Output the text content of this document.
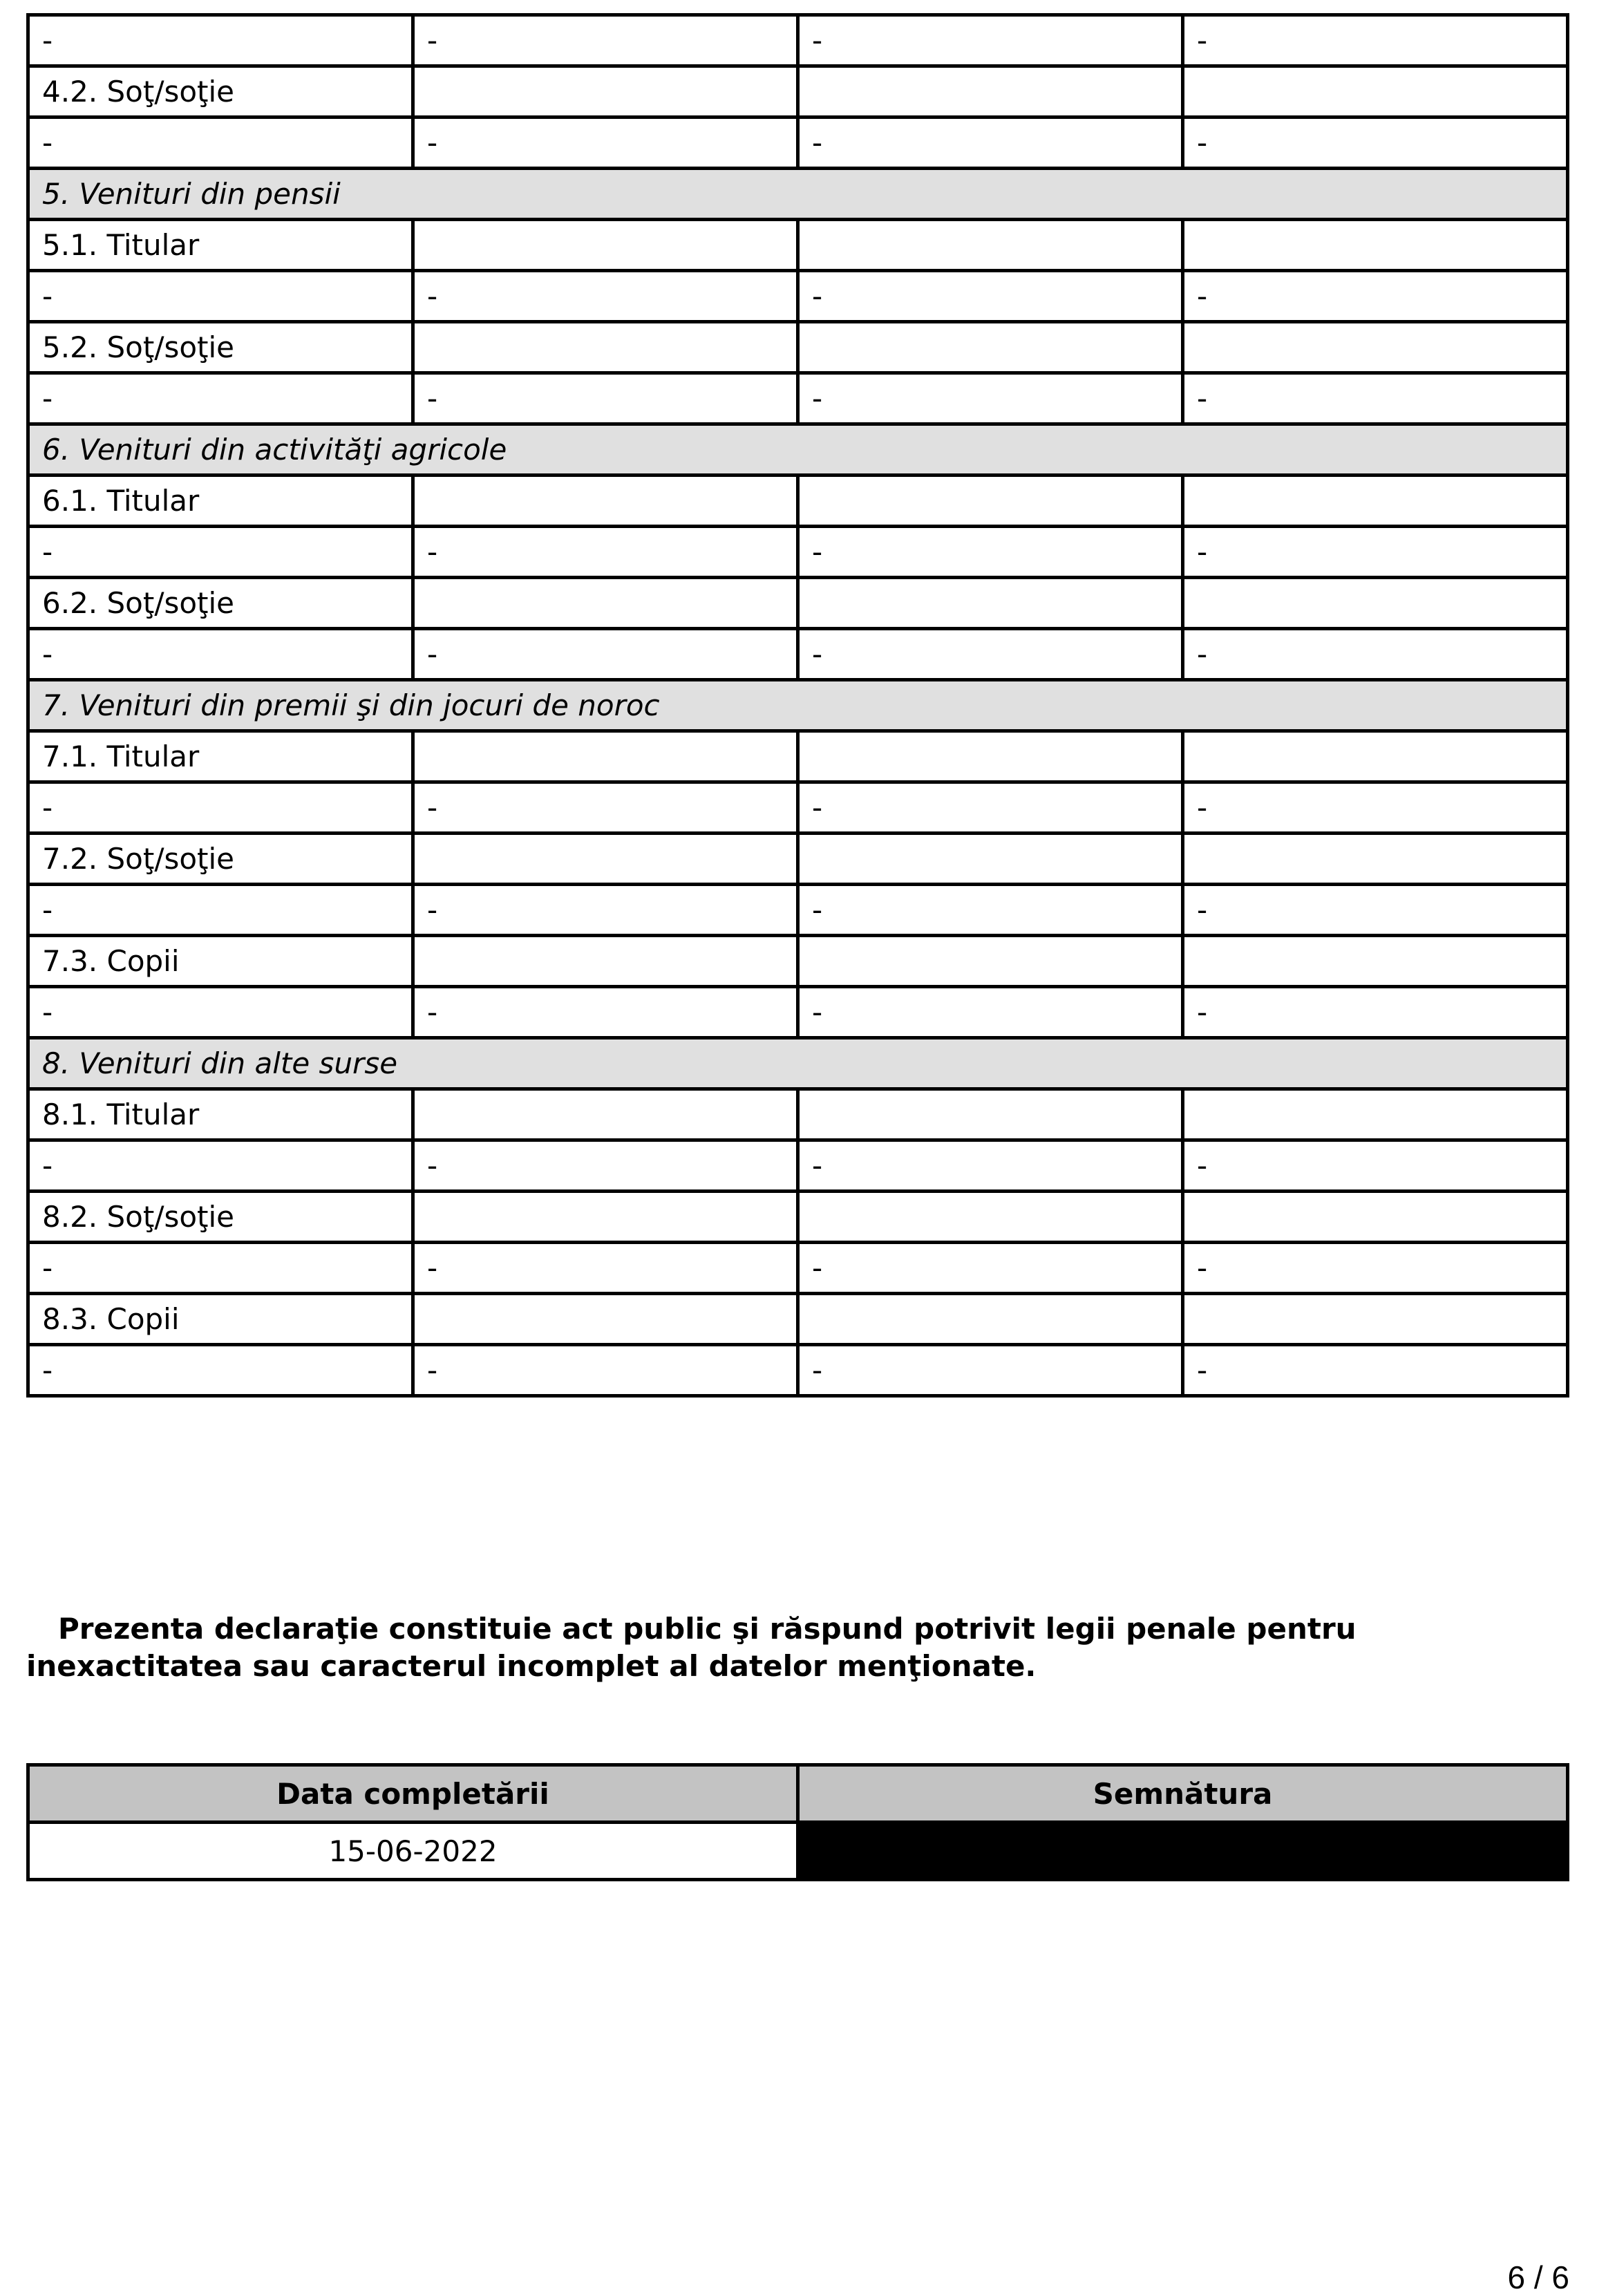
-	-	-	-
4.2. Soţ/soţie			
-	-	-	-
5. Venituri din pensii			
5.1. Titular			
-	-	-	-
5.2. Soţ/soţie			
-	-	-	-
6. Venituri din activităţi agricole			
6.1. Titular			
-	-	-	-
6.2. Soţ/soţie			
-	-	-	-
7. Venituri din premii şi din jocuri de noroc			
7.1. Titular			
-	-	-	-
7.2. Soţ/soţie			
-	-	-	-
7.3. Copii			
-	-	-	-
8. Venituri din alte surse			
8.1. Titular			
-	-	-	-
8.2. Soţ/soţie			
-	-	-	-
8.3. Copii			
-	-	-	-

Prezenta declaraţie constituie act public şi răspund potrivit legii penale pentru inexactitatea sau caracterul incomplet al datelor menţionate.

Data completării	Semnătura
15-06-2022	
6 / 6
